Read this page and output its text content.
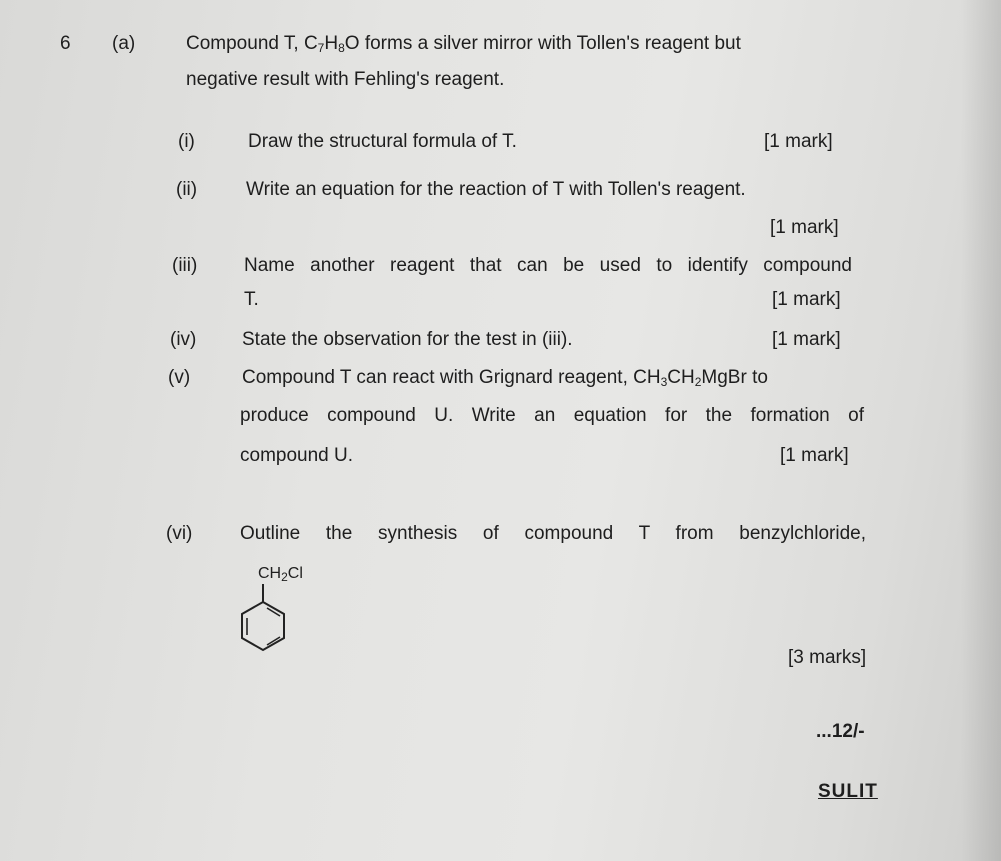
6 (a)	Compound T, $C_7H_8O$ forms a silver mirror with Tollen's reagent but
negative result with Fehling's reagent.
(i)	Draw the structural formula of T.	[1 mark]
(ii)	Write an equation for the reaction of T with Tollen's reagent.
[1 mark]
(iii) Name another reagent that can be used to identify compound
T.	[1 mark]
(iv) State the observation for the test in (iii).	[1 mark]
(v)	Compound T can react with Grignard reagent, $CH_3CH_2MgBr$ to
produce compound U. Write an equation for the formation of
compound U.	[1 mark]
(vi)	Outline the synthesis of compound T from benzylchloride,
$CH_2Cl$
[3 marks]
...12/-
SULIT
